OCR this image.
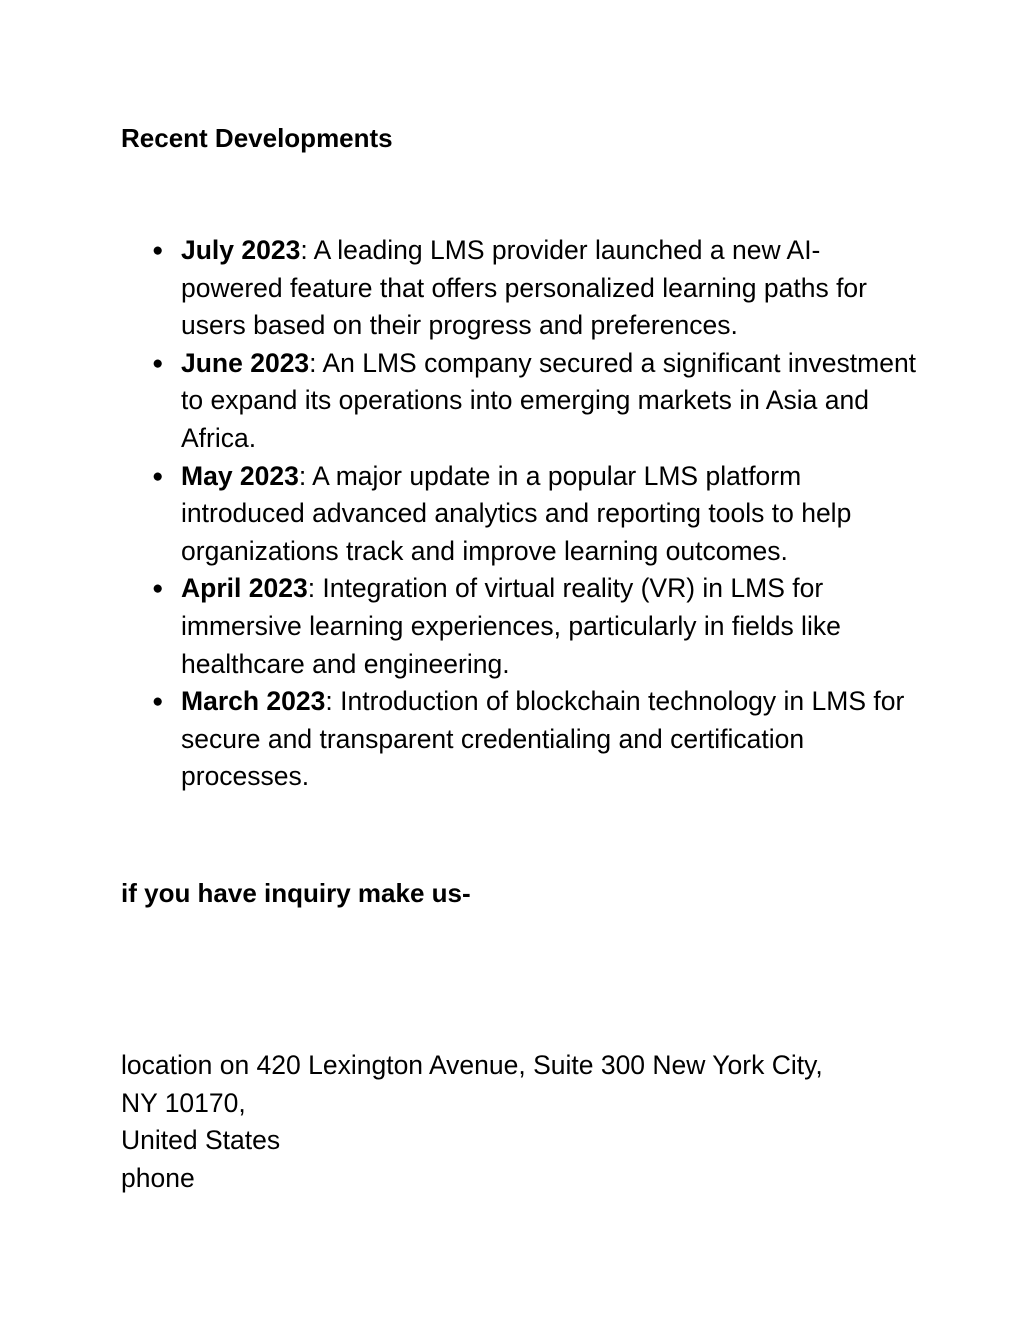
Recent Developments
● July 2023: A leading LMS provider launched a new AI-powered feature that offers personalized learning paths for users based on their progress and preferences.
● June 2023: An LMS company secured a significant investment to expand its operations into emerging markets in Asia and Africa.
● May 2023: A major update in a popular LMS platform introduced advanced analytics and reporting tools to help organizations track and improve learning outcomes.
● April 2023: Integration of virtual reality (VR) in LMS for immersive learning experiences, particularly in fields like healthcare and engineering.
● March 2023: Introduction of blockchain technology in LMS for secure and transparent credentialing and certification processes.
if you have inquiry make us-
location on 420 Lexington Avenue, Suite 300 New York City,
NY 10170,
United States
phone
